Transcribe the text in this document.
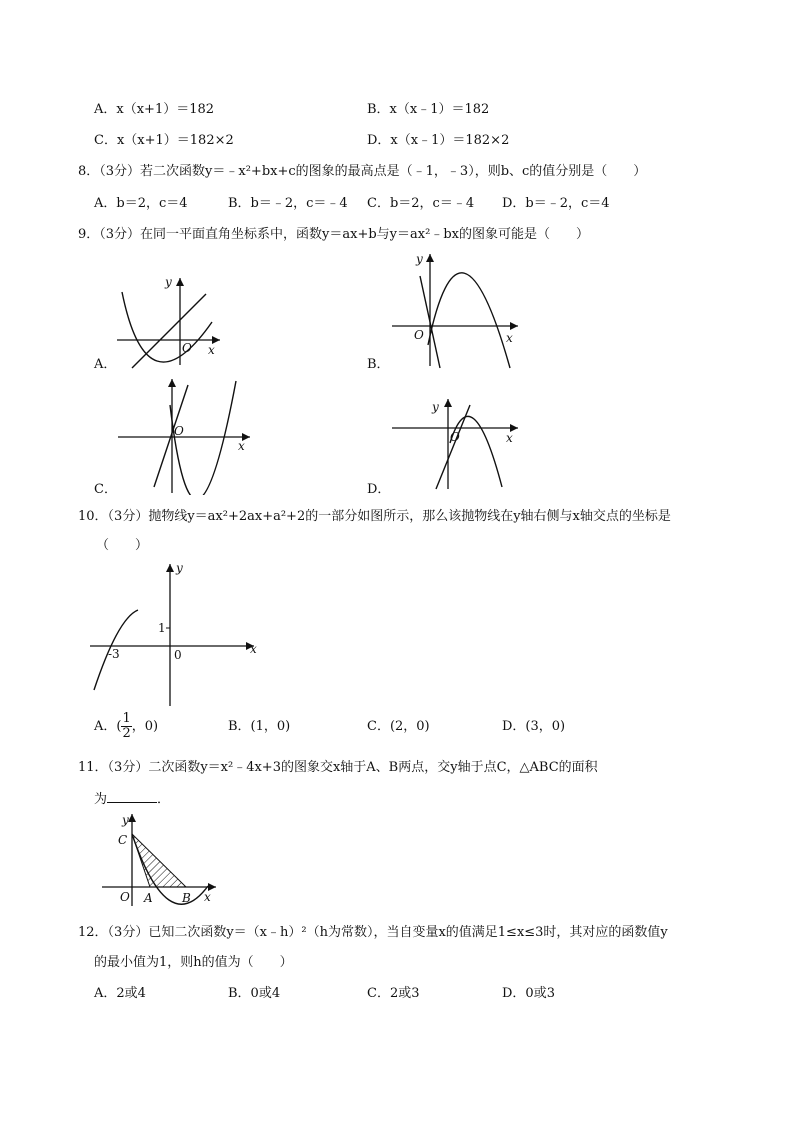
A．x（x+1）＝182	B．x（x﹣1）＝182
C．x（x+1）＝182×2	D．x（x﹣1）＝182×2
8．（3分）若二次函数y＝﹣x²+bx+c的图象的最高点是（﹣1，﹣3），则b、c的值分别是（　　）
A．b＝2，c＝4	B．b＝﹣2，c＝﹣4 C．b＝2，c＝﹣4 D．b＝﹣2，c＝4
9．（3分）在同一平面直角坐标系中，函数y＝ax+b与y＝ax²﹣bx的图象可能是（　　）
y
x
O
A．
y
x
O
B．
x
O
C．
y
x
O
D．
10．（3分）抛物线y＝ax²+2ax+a²+2的一部分如图所示，那么该抛物线在y轴右侧与x轴交点的坐标是
（　　）
1
-3	0
y
x
A．( $\frac{1}{2}$ ，0)	B．(1，0)	C．(2，0)	D．(3，0)
11．（3分）二次函数y＝x²﹣4x+3的图象交x轴于A、B两点，交y轴于点C，△ABC的面积
为	．
y
C
O A B x
12．（3分）已知二次函数y＝（x﹣h）²（h为常数），当自变量x的值满足1≤x≤3时，其对应的函数值y
的最小值为1，则h的值为（　　）
A．2或4	B．0或4	C．2或3	D．0或3
